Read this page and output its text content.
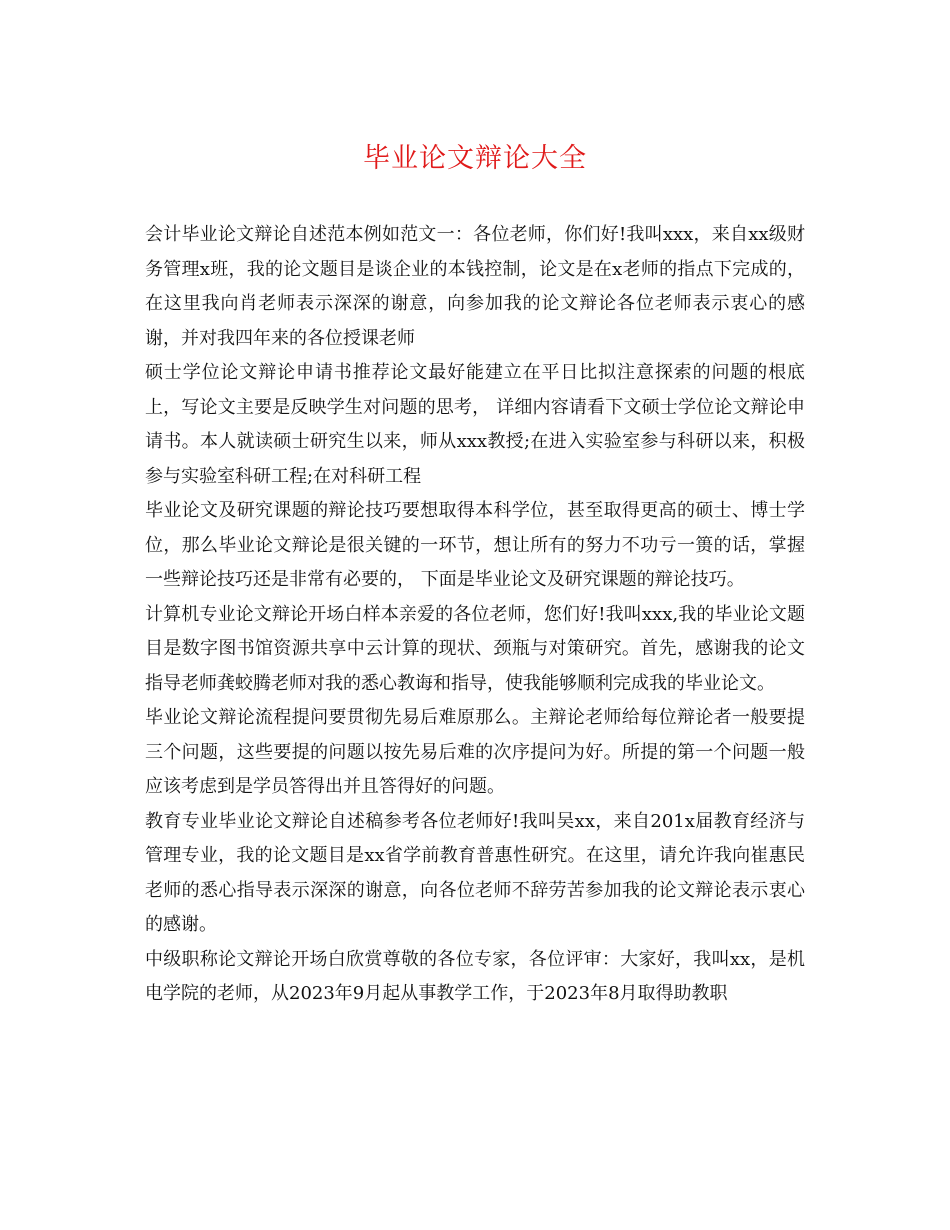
毕业论文辩论大全

会计毕业论文辩论自述范本例如范文一：各位老师，你们好!我叫xxx，来自xx级财务管理x班，我的论文题目是谈企业的本钱控制，论文是在x老师的指点下完成的，在这里我向肖老师表示深深的谢意，向参加我的论文辩论各位老师表示衷心的感谢，并对我四年来的各位授课老师

硕士学位论文辩论申请书推荐论文最好能建立在平日比拟注意探索的问题的根底上，写论文主要是反映学生对问题的思考， 详细内容请看下文硕士学位论文辩论申请书。本人就读硕士研究生以来，师从xxx教授;在进入实验室参与科研以来，积极参与实验室科研工程;在对科研工程

毕业论文及研究课题的辩论技巧要想取得本科学位，甚至取得更高的硕士、博士学位，那么毕业论文辩论是很关键的一环节，想让所有的努力不功亏一篑的话，掌握一些辩论技巧还是非常有必要的， 下面是毕业论文及研究课题的辩论技巧。

计算机专业论文辩论开场白样本亲爱的各位老师，您们好!我叫xxx,我的毕业论文题目是数字图书馆资源共享中云计算的现状、颈瓶与对策研究。首先，感谢我的论文指导老师龚蛟腾老师对我的悉心教诲和指导，使我能够顺利完成我的毕业论文。

毕业论文辩论流程提问要贯彻先易后难原那么。主辩论老师给每位辩论者一般要提三个问题，这些要提的问题以按先易后难的次序提问为好。所提的第一个问题一般应该考虑到是学员答得出并且答得好的问题。

教育专业毕业论文辩论自述稿参考各位老师好!我叫吴xx，来自201x届教育经济与管理专业，我的论文题目是xx省学前教育普惠性研究。在这里，请允许我向崔惠民老师的悉心指导表示深深的谢意，向各位老师不辞劳苦参加我的论文辩论表示衷心的感谢。

中级职称论文辩论开场白欣赏尊敬的各位专家，各位评审：大家好，我叫xx，是机电学院的老师，从2023年9月起从事教学工作，于2023年8月取得助教职
